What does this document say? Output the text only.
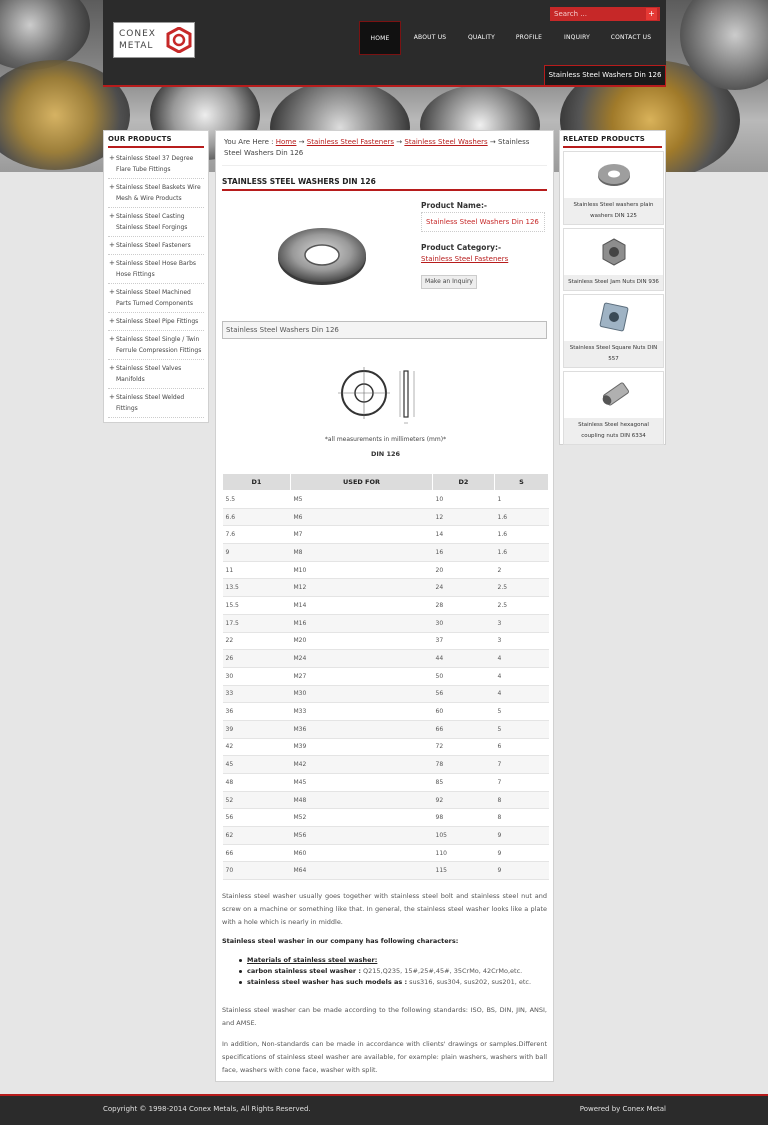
CONEX METAL
Search ...
+
HOME	ABOUT US	QUALITY	PROFILE	INQUIRY	CONTACT US
Stainless Steel Washers Din 126
OUR PRODUCTS
+ Stainless Steel 37 Degree Flare Tube Fittings
+ Stainless Steel Baskets Wire Mesh & Wire Products
+ Stainless Steel Casting Stainless Steel Forgings
+ Stainless Steel Fasteners
+ Stainless Steel Hose Barbs Hose Fittings
+ Stainless Steel Machined Parts Turned Components
+ Stainless Steel Pipe Fittings
+ Stainless Steel Single / Twin Ferrule Compression Fittings
+ Stainless Steel Valves Manifolds
+ Stainless Steel Welded Fittings
You Are Here : Home → Stainless Steel Fasteners → Stainless Steel Washers → Stainless Steel Washers Din 126
STAINLESS STEEL WASHERS DIN 126
Product Name:-
Stainless Steel Washers Din 126
Product Category:-
Stainless Steel Fasteners
Make an Inquiry
Stainless Steel Washers Din 126
*all measurements in millimeters (mm)*
DIN 126
D1	USED FOR	D2	S
5.5	M5	10	1
6.6	M6	12	1.6
7.6	M7	14	1.6
9	M8	16	1.6
11	M10	20	2
13.5	M12	24	2.5
15.5	M14	28	2.5
17.5	M16	30	3
22	M20	37	3
26	M24	44	4
30	M27	50	4
33	M30	56	4
36	M33	60	5
39	M36	66	5
42	M39	72	6
45	M42	78	7
48	M45	85	7
52	M48	92	8
56	M52	98	8
62	M56	105	9
66	M60	110	9
70	M64	115	9

Stainless steel washer usually goes together with stainless steel bolt and stainless steel nut and screw on a machine or something like that. In general, the stainless steel washer looks like a plate with a hole which is nearly in middle.

Stainless steel washer in our company has following characters:

Materials of stainless steel washer:
carbon stainless steel washer : Q215,Q235, 15#,25#,45#, 35CrMo, 42CrMo,etc.
stainless steel washer has such models as : sus316, sus304, sus202, sus201, etc.

Stainless steel washer can be made according to the following standards: ISO, BS, DIN, JIN, ANSI, and AMSE.

In addition, Non-standards can be made in accordance with clients' drawings or samples.Different specifications of stainless steel washer are available, for example: plain washers, washers with ball face, washers with cone face, washer with split.

RELATED PRODUCTS
Stainless Steel washers plain washers DIN 125
Stainless Steel Jam Nuts DIN 936
Stainless Steel Square Nuts DIN 557
Stainless Steel hexagonal coupling nuts DIN 6334
Copyright © 1998-2014 Conex Metals, All Rights Reserved.	Powered by Conex Metal
